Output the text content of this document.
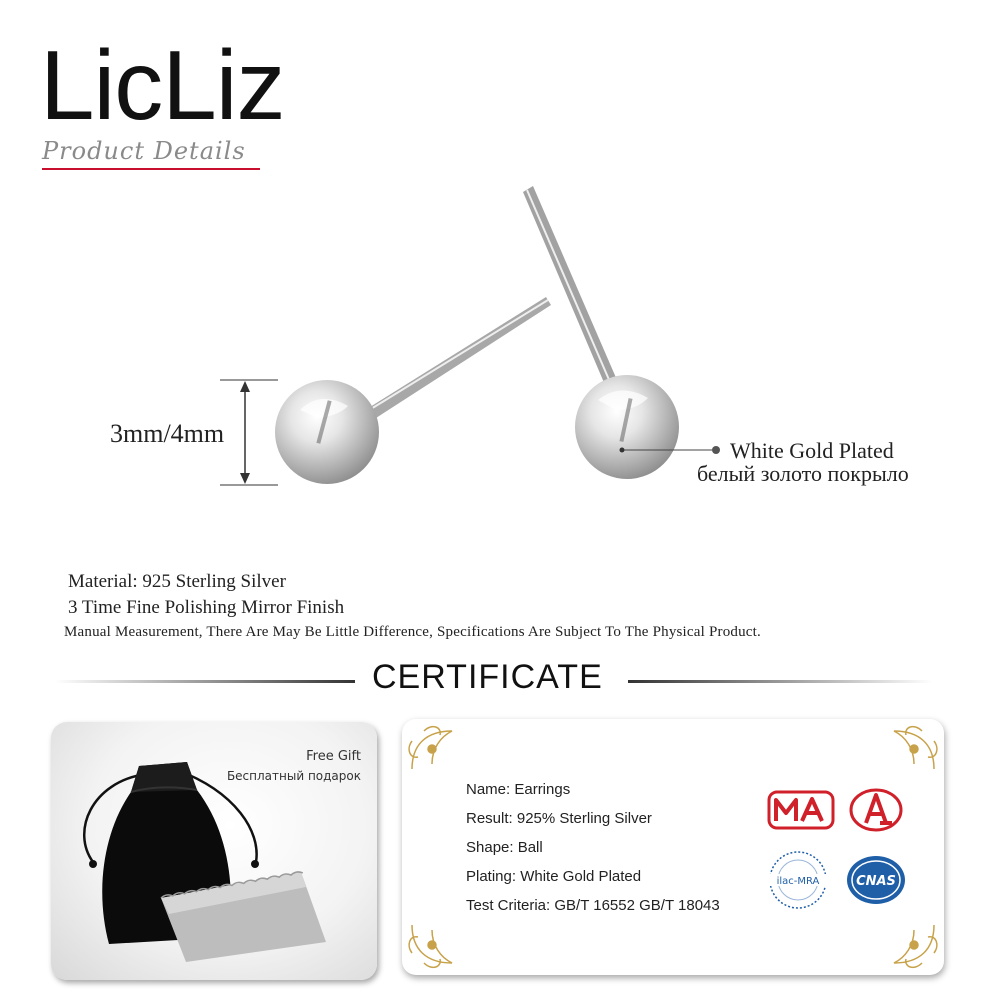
LicLiz
Product Details
3mm/4mm
White Gold Plated
белый золото покрыло
Material: 925 Sterling Silver
3 Time Fine Polishing Mirror Finish
Manual Measurement, There Are May Be Little Difference, Specifications Are Subject To The Physical Product.
CERTIFICATE
Free Gift
Бесплатный подарок
Name: Earrings
Result: 925% Sterling Silver
Shape: Ball
Plating: White Gold Plated
Test Criteria: GB/T 16552 GB/T 18043
ilac-MRA	CNAS
